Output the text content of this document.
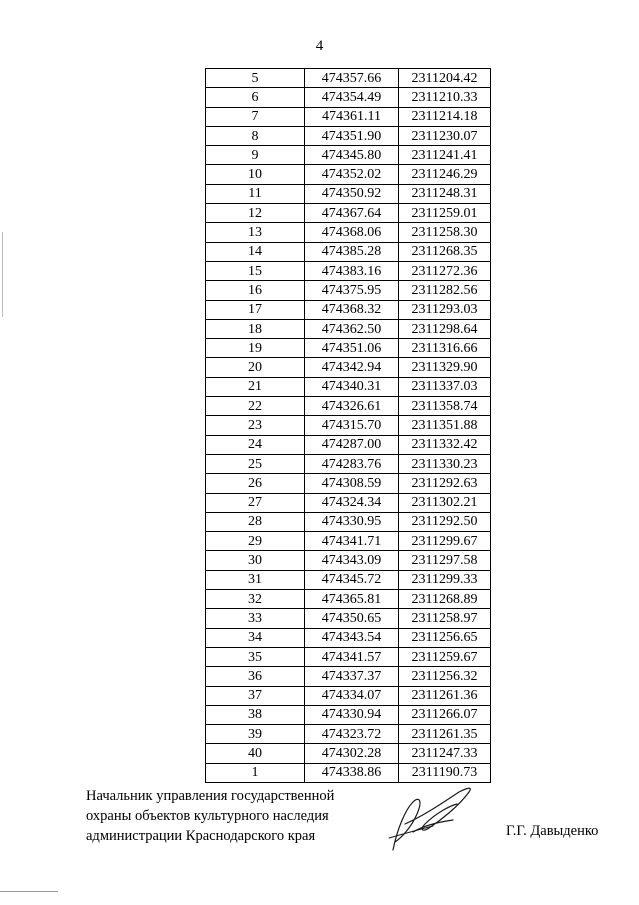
4
5	474357.66	2311204.42
6	474354.49	2311210.33
7	474361.11	2311214.18
8	474351.90	2311230.07
9	474345.80	2311241.41
10	474352.02	2311246.29
11	474350.92	2311248.31
12	474367.64	2311259.01
13	474368.06	2311258.30
14	474385.28	2311268.35
15	474383.16	2311272.36
16	474375.95	2311282.56
17	474368.32	2311293.03
18	474362.50	2311298.64
19	474351.06	2311316.66
20	474342.94	2311329.90
21	474340.31	2311337.03
22	474326.61	2311358.74
23	474315.70	2311351.88
24	474287.00	2311332.42
25	474283.76	2311330.23
26	474308.59	2311292.63
27	474324.34	2311302.21
28	474330.95	2311292.50
29	474341.71	2311299.67
30	474343.09	2311297.58
31	474345.72	2311299.33
32	474365.81	2311268.89
33	474350.65	2311258.97
34	474343.54	2311256.65
35	474341.57	2311259.67
36	474337.37	2311256.32
37	474334.07	2311261.36
38	474330.94	2311266.07
39	474323.72	2311261.35
40	474302.28	2311247.33
1	474338.86	2311190.73
Начальник управления государственной
охраны объектов культурного наследия
администрации Краснодарского края	Г.Г. Давыденко
